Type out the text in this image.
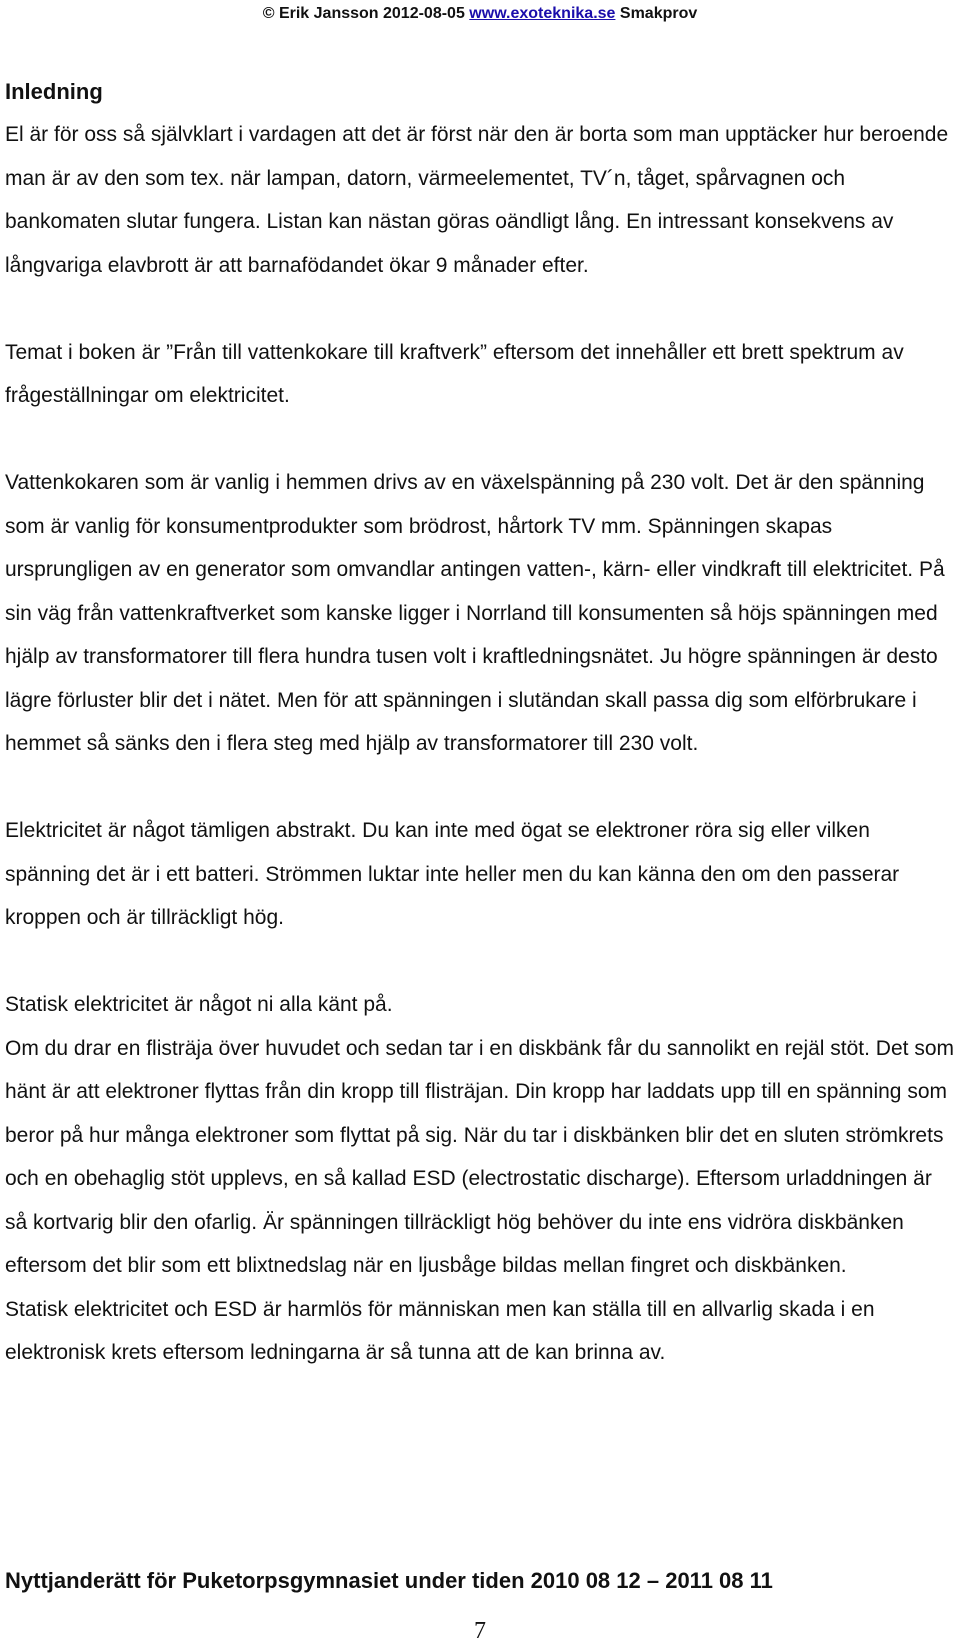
© Erik Jansson 2012-08-05 www.exoteknika.se Smakprov

Inledning

El är för oss så självklart i vardagen att det är först när den är borta som man upptäcker hur beroende man är av den som tex. när lampan, datorn, värmeelementet, TV´n, tåget, spårvagnen och bankomaten slutar fungera. Listan kan nästan göras oändligt lång. En intressant konsekvens av långvariga elavbrott är att barnafödandet ökar 9 månader efter.

Temat i boken är ”Från till vattenkokare till kraftverk” eftersom det innehåller ett brett spektrum av frågeställningar om elektricitet.

Vattenkokaren som är vanlig i hemmen drivs av en växelspänning på 230 volt. Det är den spänning som är vanlig för konsumentprodukter som brödrost, hårtork TV mm. Spänningen skapas ursprungligen av en generator som omvandlar antingen vatten-, kärn- eller vindkraft till elektricitet. På sin väg från vattenkraftverket som kanske ligger i Norrland till konsumenten så höjs spänningen med hjälp av transformatorer till flera hundra tusen volt i kraftledningsnätet. Ju högre spänningen är desto lägre förluster blir det i nätet. Men för att spänningen i slutändan skall passa dig som elförbrukare i hemmet så sänks den i flera steg med hjälp av transformatorer till 230 volt.

Elektricitet är något tämligen abstrakt. Du kan inte med ögat se elektroner röra sig eller vilken spänning det är i ett batteri. Strömmen luktar inte heller men du kan känna den om den passerar kroppen och är tillräckligt hög.

Statisk elektricitet är något ni alla känt på.

Om du drar en flisträja över huvudet och sedan tar i en diskbänk får du sannolikt en rejäl stöt. Det som hänt är att elektroner flyttas från din kropp till flisträjan. Din kropp har laddats upp till en spänning som beror på hur många elektroner som flyttat på sig. När du tar i diskbänken blir det en sluten strömkrets och en obehaglig stöt upplevs, en så kallad ESD (electrostatic discharge). Eftersom urladdningen är så kortvarig blir den ofarlig. Är spänningen tillräckligt hög behöver du inte ens vidröra diskbänken eftersom det blir som ett blixtnedslag när en ljusbåge bildas mellan fingret och diskbänken.

Statisk elektricitet och ESD är harmlös för människan men kan ställa till en allvarlig skada i en elektronisk krets eftersom ledningarna är så tunna att de kan brinna av.

Nyttjanderätt för Puketorpsgymnasiet under tiden 2010 08 12 – 2011 08 11
7
